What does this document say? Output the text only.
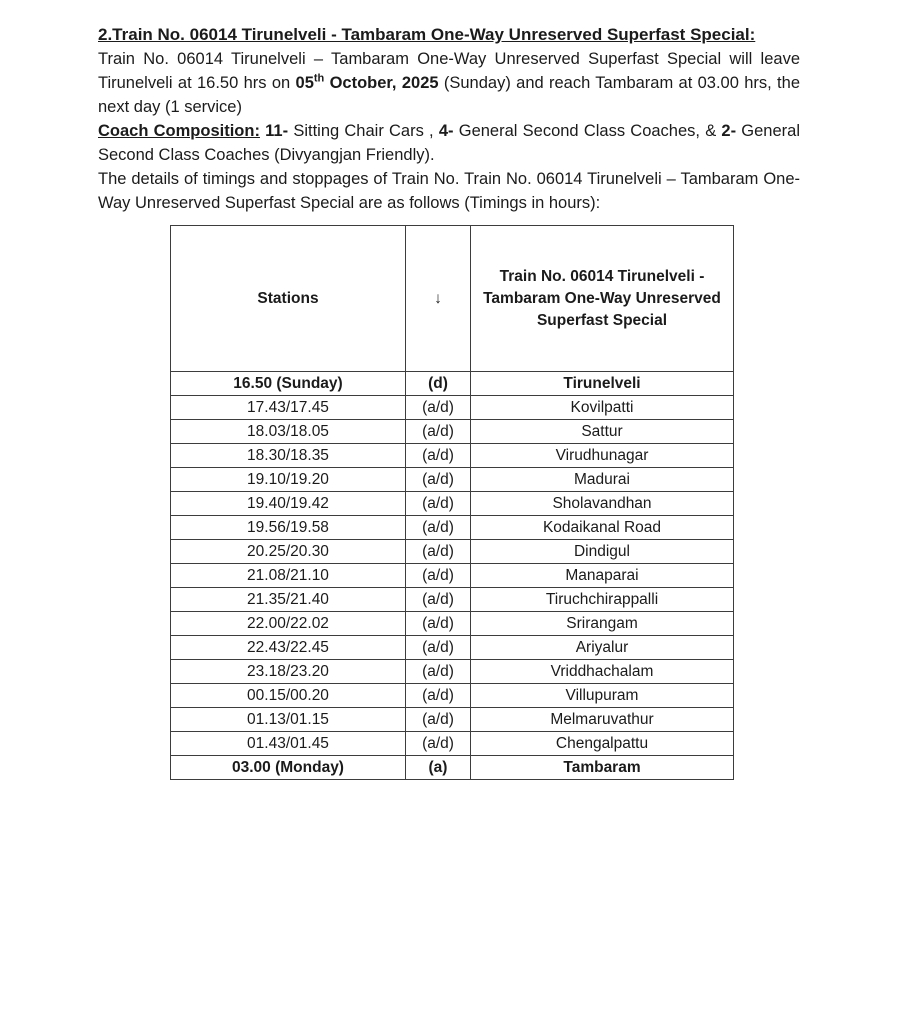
2.Train No. 06014 Tirunelveli - Tambaram One-Way Unreserved Superfast Special:

Train No. 06014 Tirunelveli – Tambaram One-Way Unreserved Superfast Special will leave Tirunelveli at 16.50 hrs on 05th October, 2025 (Sunday) and reach Tambaram at 03.00 hrs, the next day (1 service)

Coach Composition: 11- Sitting Chair Cars , 4- General Second Class Coaches, & 2- General Second Class Coaches (Divyangjan Friendly).

The details of timings and stoppages of Train No. Train No. 06014 Tirunelveli – Tambaram One-Way Unreserved Superfast Special are as follows (Timings in hours):

Stations	↓	Train No. 06014 Tirunelveli - Tambaram One-Way Unreserved Superfast Special
16.50 (Sunday)	(d)	Tirunelveli
17.43/17.45	(a/d)	Kovilpatti
18.03/18.05	(a/d)	Sattur
18.30/18.35	(a/d)	Virudhunagar
19.10/19.20	(a/d)	Madurai
19.40/19.42	(a/d)	Sholavandhan
19.56/19.58	(a/d)	Kodaikanal Road
20.25/20.30	(a/d)	Dindigul
21.08/21.10	(a/d)	Manaparai
21.35/21.40	(a/d)	Tiruchchirappalli
22.00/22.02	(a/d)	Srirangam
22.43/22.45	(a/d)	Ariyalur
23.18/23.20	(a/d)	Vriddhachalam
00.15/00.20	(a/d)	Villupuram
01.13/01.15	(a/d)	Melmaruvathur
01.43/01.45	(a/d)	Chengalpattu
03.00 (Monday)	(a)	Tambaram
